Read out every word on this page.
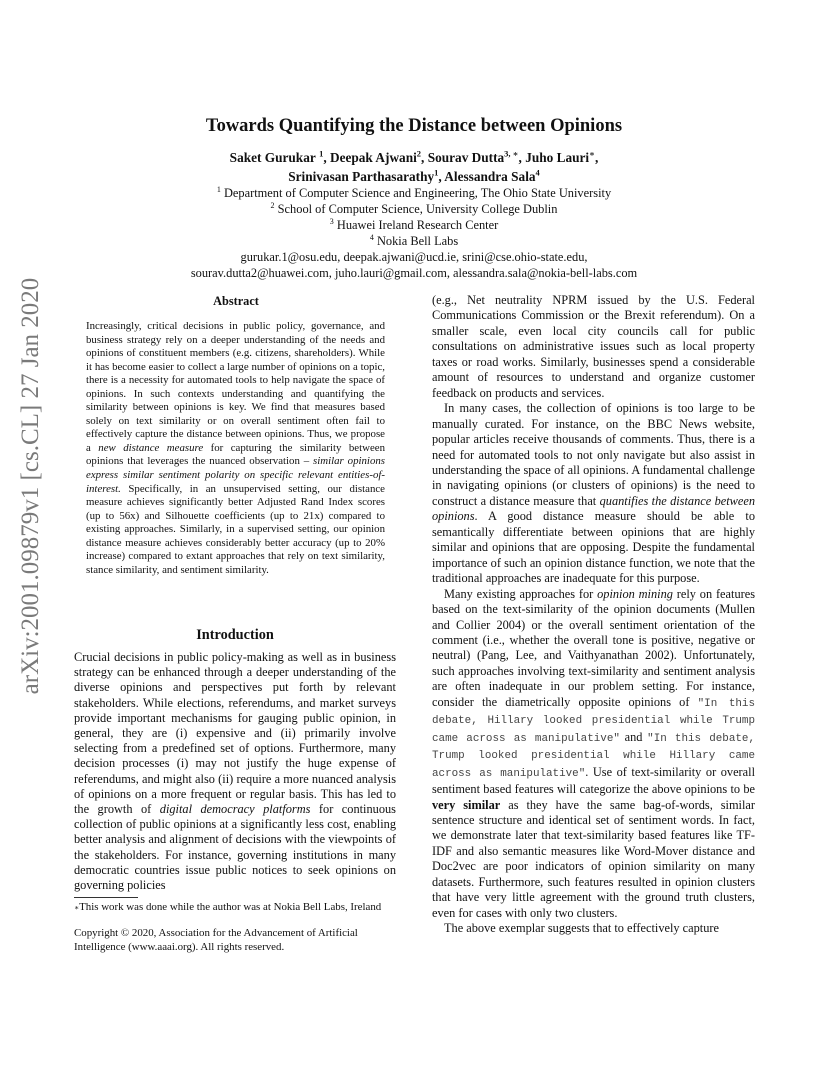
arXiv:2001.09879v1 [cs.CL] 27 Jan 2020
Towards Quantifying the Distance between Opinions
Saket Gurukar $^1$, Deepak Ajwani$^2$, Sourav Dutta$^{3, ∗}$, Juho Lauri∗,
Srinivasan Parthasarathy$^1$, Alessandra Sala$^4$
$^1$ Department of Computer Science and Engineering, The Ohio State University
$^2$ School of Computer Science, University College Dublin
$^3$ Huawei Ireland Research Center
$^4$ Nokia Bell Labs
gurukar.1@osu.edu, deepak.ajwani@ucd.ie, srini@cse.ohio-state.edu,
sourav.dutta2@huawei.com, juho.lauri@gmail.com, alessandra.sala@nokia-bell-labs.com
Abstract

Increasingly, critical decisions in public policy, governance, and business strategy rely on a deeper understanding of the needs and opinions of constituent members (e.g. citizens, shareholders). While it has become easier to collect a large number of opinions on a topic, there is a necessity for automated tools to help navigate the space of opinions. In such contexts understanding and quantifying the similarity between opinions is key. We find that measures based solely on text similarity or on overall sentiment often fail to effectively capture the distance between opinions. Thus, we propose a new distance measure for capturing the similarity between opinions that leverages the nuanced observation – similar opinions express similar sentiment polarity on specific relevant entities-of-interest. Specifically, in an unsupervised setting, our distance measure achieves significantly better Adjusted Rand Index scores (up to 56x) and Silhouette coefficients (up to 21x) compared to existing approaches. Similarly, in a supervised setting, our opinion distance measure achieves considerably better accuracy (up to 20% increase) compared to extant approaches that rely on text similarity, stance similarity, and sentiment similarity.

Introduction

Crucial decisions in public policy-making as well as in business strategy can be enhanced through a deeper understanding of the diverse opinions and perspectives put forth by relevant stakeholders. While elections, referendums, and market surveys provide important mechanisms for gauging public opinion, in general, they are (i) expensive and (ii) primarily involve selecting from a predefined set of options. Furthermore, many decision processes (i) may not justify the huge expense of referendums, and might also (ii) require a more nuanced analysis of opinions on a more frequent or regular basis. This has led to the growth of digital democracy platforms for continuous collection of public opinions at a significantly less cost, enabling better analysis and alignment of decisions with the viewpoints of the stakeholders. For instance, governing institutions in many democratic countries issue public notices to seek opinions on governing policies

∗This work was done while the author was at Nokia Bell Labs, Ireland

Copyright © 2020, Association for the Advancement of Artificial Intelligence (www.aaai.org). All rights reserved.

(e.g., Net neutrality NPRM issued by the U.S. Federal Communications Commission or the Brexit referendum). On a smaller scale, even local city councils call for public consultations on administrative issues such as local property taxes or road works. Similarly, businesses spend a considerable amount of resources to understand and organize customer feedback on products and services.

In many cases, the collection of opinions is too large to be manually curated. For instance, on the BBC News website, popular articles receive thousands of comments. Thus, there is a need for automated tools to not only navigate but also assist in understanding the space of all opinions. A fundamental challenge in navigating opinions (or clusters of opinions) is the need to construct a distance measure that quantifies the distance between opinions. A good distance measure should be able to semantically differentiate between opinions that are highly similar and opinions that are opposing. Despite the fundamental importance of such an opinion distance function, we note that the traditional approaches are inadequate for this purpose.

Many existing approaches for opinion mining rely on features based on the text-similarity of the opinion documents (Mullen and Collier 2004) or the overall sentiment orientation of the comment (i.e., whether the overall tone is positive, negative or neutral) (Pang, Lee, and Vaithyanathan 2002). Unfortunately, such approaches involving text-similarity and sentiment analysis are often inadequate in our problem setting. For instance, consider the diametrically opposite opinions of "In this debate, Hillary looked presidential while Trump came across as manipulative" and "In this debate, Trump looked presidential while Hillary came across as manipulative". Use of text-similarity or overall sentiment based features will categorize the above opinions to be very similar as they have the same bag-of-words, similar sentence structure and identical set of sentiment words. In fact, we demonstrate later that text-similarity based features like TF-IDF and also semantic measures like Word-Mover distance and Doc2vec are poor indicators of opinion similarity on many datasets. Furthermore, such features resulted in opinion clusters that have very little agreement with the ground truth clusters, even for cases with only two clusters.

The above exemplar suggests that to effectively capture
